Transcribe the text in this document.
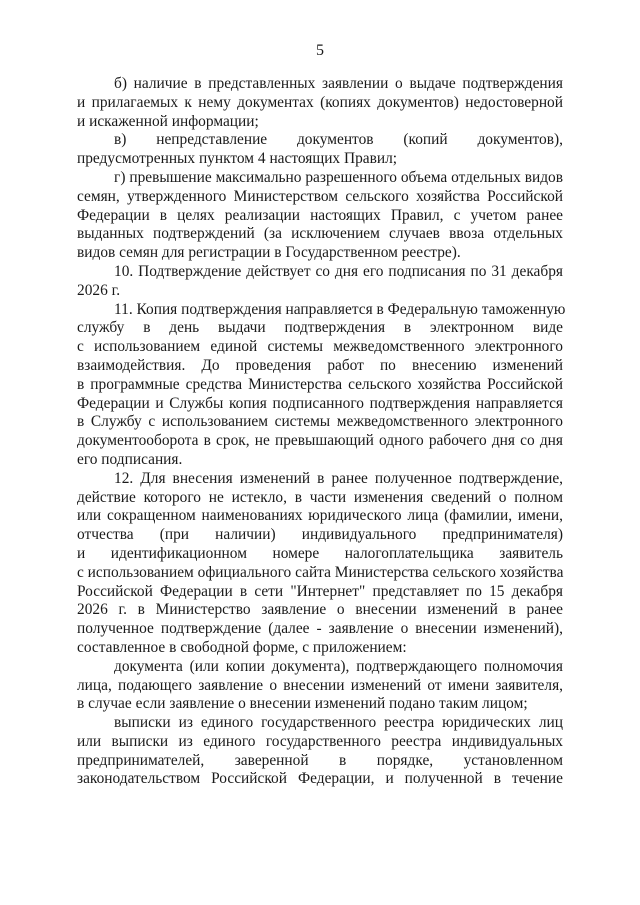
5
б) наличие в представленных заявлении о выдаче подтверждения
и прилагаемых к нему документах (копиях документов) недостоверной
и искаженной информации;
в) непредставление документов (копий документов),
предусмотренных пунктом 4 настоящих Правил;
г) превышение максимально разрешенного объема отдельных видов
семян, утвержденного Министерством сельского хозяйства Российской
Федерации в целях реализации настоящих Правил, с учетом ранее
выданных подтверждений (за исключением случаев ввоза отдельных
видов семян для регистрации в Государственном реестре).
10. Подтверждение действует со дня его подписания по 31 декабря
2026 г.
11. Копия подтверждения направляется в Федеральную таможенную
службу в день выдачи подтверждения в электронном виде
с использованием единой системы межведомственного электронного
взаимодействия. До проведения работ по внесению изменений
в программные средства Министерства сельского хозяйства Российской
Федерации и Службы копия подписанного подтверждения направляется
в Службу с использованием системы межведомственного электронного
документооборота в срок, не превышающий одного рабочего дня со дня
его подписания.
12. Для внесения изменений в ранее полученное подтверждение,
действие которого не истекло, в части изменения сведений о полном
или сокращенном наименованиях юридического лица (фамилии, имени,
отчества (при наличии) индивидуального предпринимателя)
и идентификационном номере налогоплательщика заявитель
с использованием официального сайта Министерства сельского хозяйства
Российской Федерации в сети "Интернет" представляет по 15 декабря
2026 г. в Министерство заявление о внесении изменений в ранее
полученное подтверждение (далее - заявление о внесении изменений),
составленное в свободной форме, с приложением:
документа (или копии документа), подтверждающего полномочия
лица, подающего заявление о внесении изменений от имени заявителя,
в случае если заявление о внесении изменений подано таким лицом;
выписки из единого государственного реестра юридических лиц
или выписки из единого государственного реестра индивидуальных
предпринимателей, заверенной в порядке, установленном
законодательством Российской Федерации, и полученной в течение
